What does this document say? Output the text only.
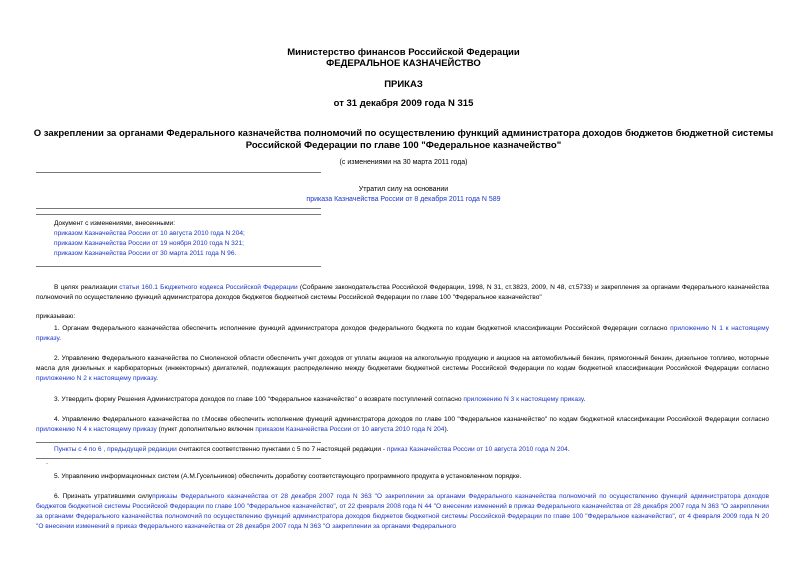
Министерство финансов Российской Федерации
ФЕДЕРАЛЬНОЕ КАЗНАЧЕЙСТВО
ПРИКАЗ
от 31 декабря 2009 года N 315
О закреплении за органами Федерального казначейства полномочий по осуществлению функций администратора доходов бюджетов бюджетной системы
Российской Федерации по главе 100 "Федеральное казначейство"
(с изменениями на 30 марта 2011 года)
Утратил силу на основании
приказа Казначейства России от 8 декабря 2011 года N 589
Документ с изменениями, внесенными:
приказом Казначейства России от 10 августа 2010 года N 204;
приказом Казначейства России от 19 ноября 2010 года N 321;
приказом Казначейства России от 30 марта 2011 года N 96.
В целях реализации статьи 160.1 Бюджетного кодекса Российской Федерации (Собрание законодательства Российской Федерации, 1998, N 31, ст.3823, 2009, N 48, ст.5733) и закрепления за органами Федерального казначейства полномочий по осуществлению функций администратора доходов бюджетов бюджетной системы Российской Федерации по главе 100 "Федеральное казначейство"
приказываю:
1. Органам Федерального казначейства обеспечить исполнение функций администратора доходов федерального бюджета по кодам бюджетной классификации Российской Федерации согласно приложению N 1 к настоящему приказу.
2. Управлению Федерального казначейства по Смоленской области обеспечить учет доходов от уплаты акцизов на алкогольную продукцию и акцизов на автомобильный бензин, прямогонный бензин, дизельное топливо, моторные масла для дизельных и карбюраторных (инжекторных) двигателей, подлежащих распределению между бюджетами бюджетной системы Российской Федерации по кодам бюджетной классификации Российской Федерации согласно приложению N 2 к настоящему приказу.
3. Утвердить форму Решения Администратора доходов по главе 100 "Федеральное казначейство" о возврате поступлений согласно приложению N 3 к настоящему приказу.
4. Управлению Федерального казначейства по г.Москве обеспечить исполнение функций администратора доходов по главе 100 "Федеральное казначейство" по кодам бюджетной классификации Российской Федерации согласно приложению N 4 к настоящему приказу (пункт дополнительно включен приказом Казначейства России от 10 августа 2010 года N 204).
Пункты с 4 по 6 , предыдущей редакции считаются соответственно пунктами с 5 по 7 настоящей редакции - приказ Казначейства России от 10 августа 2010 года N 204.
.
5. Управлению информационных систем (А.М.Гусельников) обеспечить доработку соответствующего программного продукта в установленном порядке.
6. Признать утратившими силуприказы Федерального казначейства от 28 декабря 2007 года N 363 "О закреплении за органами Федерального казначейства полномочий по осуществлению функций администратора доходов бюджетов бюджетной системы Российской Федерации по главе 100 "Федеральное казначейство", от 22 февраля 2008 года N 44 "О внесении изменений в приказ Федерального казначейства от 28 декабря 2007 года N 363 "О закреплении за органами Федерального казначейства полномочий по осуществлению функций администратора доходов бюджетов бюджетной системы Российской Федерации по главе 100 "Федеральное казначейство", от 4 февраля 2009 года N 20 "О внесении изменений в приказ Федерального казначейства от 28 декабря 2007 года N 363 "О закреплении за органами Федерального
